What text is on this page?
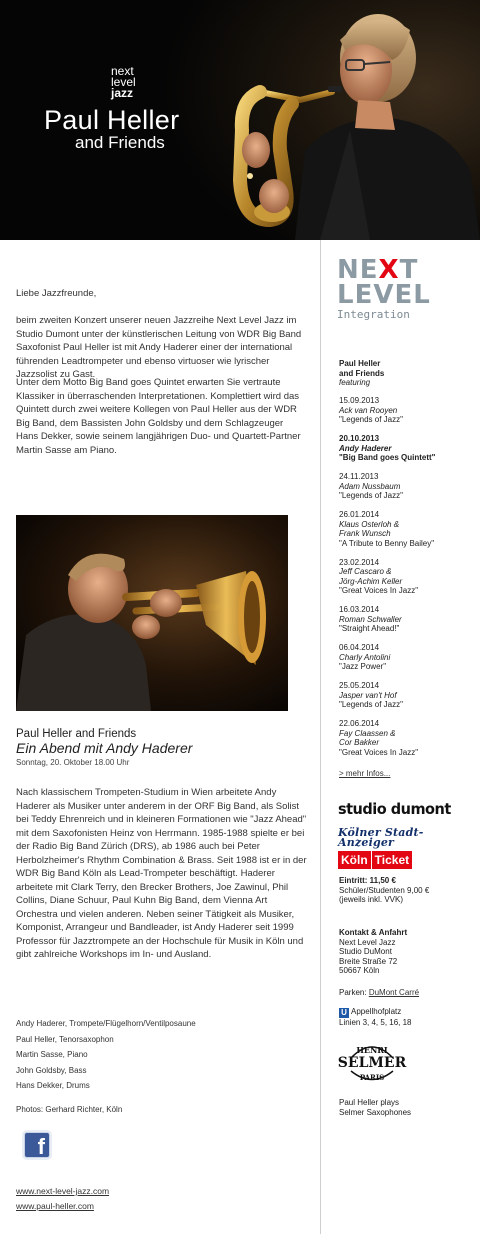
next
level
jazz
Paul Heller
and Friends

Liebe Jazzfreunde,

beim zweiten Konzert unserer neuen Jazzreihe Next Level Jazz im Studio Dumont unter der künstlerischen Leitung von WDR Big Band Saxofonist Paul Heller ist mit Andy Haderer einer der international führenden Leadtrompeter und ebenso virtuoser wie lyrischer Jazzsolist zu Gast.

Unter dem Motto Big Band goes Quintet erwarten Sie vertraute Klassiker in überraschenden Interpretationen. Komplettiert wird das Quintett durch zwei weitere Kollegen von Paul Heller aus der WDR Big Band, dem Bassisten John Goldsby und dem Schlagzeuger Hans Dekker, sowie seinem langjährigen Duo- und Quartett-Partner Martin Sasse am Piano.

Paul Heller and Friends
Ein Abend mit Andy Haderer
Sonntag, 20. Oktober 18.00 Uhr

Nach klassischem Trompeten-Studium in Wien arbeitete Andy Haderer als Musiker unter anderem in der ORF Big Band, als Solist bei Teddy Ehrenreich und in kleineren Formationen wie "Jazz Ahead" mit dem Saxofonisten Heinz von Herrmann. 1985-1988 spielte er bei der Radio Big Band Zürich (DRS), ab 1986 auch bei Peter Herbolzheimer's Rhythm Combination & Brass. Seit 1988 ist er in der WDR Big Band Köln als Lead-Trompeter beschäftigt. Haderer arbeitete mit Clark Terry, den Brecker Brothers, Joe Zawinul, Phil Collins, Diane Schuur, Paul Kuhn Big Band, dem Vienna Art Orchestra und vielen anderen. Neben seiner Tätigkeit als Musiker, Komponist, Arrangeur und Bandleader, ist Andy Haderer seit 1999 Professor für Jazztrompete an der Hochschule für Musik in Köln und gibt zahlreiche Workshops im In- und Ausland.

Andy Haderer, Trompete/Flügelhorn/Ventilposaune
Paul Heller, Tenorsaxophon
Martin Sasse, Piano
John Goldsby, Bass
Hans Dekker, Drums
Photos: Gerhard Richter, Köln
f
www.next-level-jazz.com
www.paul-heller.com
NEXT
LEVEL
Integration
Paul Heller
and Friends
featuring
15.09.2013
Ack van Rooyen
"Legends of Jazz"
20.10.2013
Andy Haderer
"Big Band goes Quintett"
24.11.2013
Adam Nussbaum
"Legends of Jazz"
26.01.2014
Klaus Osterloh &
Frank Wunsch
"A Tribute to Benny Bailey"
23.02.2014
Jeff Cascaro &
Jörg-Achim Keller
"Great Voices In Jazz"
16.03.2014
Roman Schwaller
"Straight Ahead!"
06.04.2014
Charly Antolini
"Jazz Power"
25.05.2014
Jasper van't Hof
"Legends of Jazz"
22.06.2014
Fay Claassen &
Cor Bakker
"Great Voices In Jazz"
> mehr Infos...
studio dumont
Kölner Stadt-Anzeiger
Köln Ticket
Eintritt: 11,50 €
Schüler/Studenten 9,00 €
(jeweils inkl. VVK)
Kontakt & Anfahrt
Next Level Jazz
Studio DuMont
Breite Straße 72
50667 Köln
Parken: DuMont Carré
U Appellhofplatz
Linien 3, 4, 5, 16, 18
HENRI
SELMER
PARIS
Paul Heller plays
Selmer Saxophones
